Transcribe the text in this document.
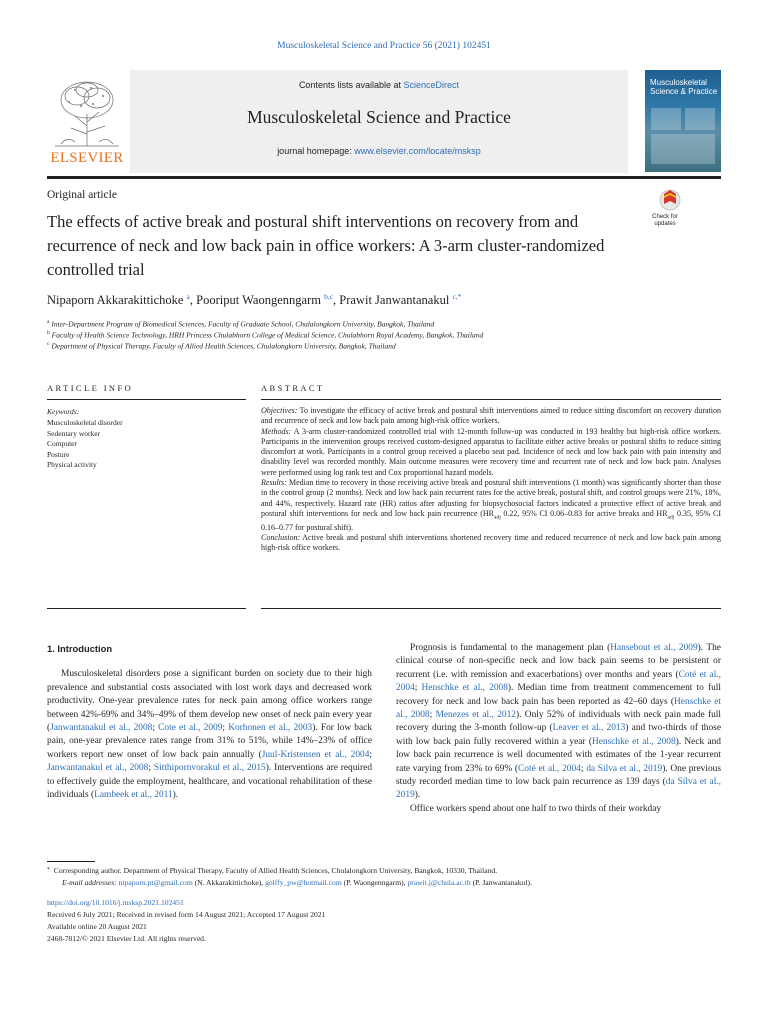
Musculoskeletal Science and Practice 56 (2021) 102451
Contents lists available at ScienceDirect
Musculoskeletal Science and Practice
journal homepage: www.elsevier.com/locate/msksp
ELSEVIER
Musculoskeletal Science & Practice
Check for updates
Original article
The effects of active break and postural shift interventions on recovery from and recurrence of neck and low back pain in office workers: A 3-arm cluster-randomized controlled trial
Nipaporn Akkarakittichoke $^a$, Pooriput Waongenngarm $^{b,c}$, Prawit Janwantanakul $^{c,*}$
$^a$ Inter-Department Program of Biomedical Sciences, Faculty of Graduate School, Chulalongkorn University, Bangkok, Thailand
$^b$ Faculty of Health Science Technology, HRH Princess Chulabhorn College of Medical Science, Chulabhorn Royal Academy, Bangkok, Thailand
$^c$ Department of Physical Therapy, Faculty of Allied Health Sciences, Chulalongkorn University, Bangkok, Thailand
ARTICLE INFO	ABSTRACT
Keywords:
Musculoskeletal disorder
Sedentary worker
Computer
Posture
Physical activity
Objectives: To investigate the efficacy of active break and postural shift interventions aimed to reduce sitting discomfort on recovery duration and recurrence of neck and low back pain among high-risk office workers.
Methods: A 3-arm cluster-randomized controlled trial with 12-month follow-up was conducted in 193 healthy but high-risk office workers. Participants in the intervention groups received custom-designed apparatus to facilitate either active breaks or postural shifts to reduce sitting discomfort at work. Participants in a control group received a placebo seat pad. Incidence of neck and low back pain with pain intensity and disability level was recorded monthly. Main outcome measures were recovery time and recurrent rate of neck and low back pain. Analyses were performed using log rank test and Cox proportional hazard models.
Results: Median time to recovery in those receiving active break and postural shift interventions (1 month) was significantly shorter than those in the control group (2 months). Neck and low back pain recurrent rates for the active break, postural shift, and control groups were 21%, 18%, and 44%, respectively. Hazard rate (HR) ratios after adjusting for biopsychosocial factors indicated a protective effect of active break and postural shift interventions for neck and low back pain recurrence ($HR_{adj}$ 0.22, 95% CI 0.06–0.83 for active breaks and $HR_{adj}$ 0.35, 95% CI 0.16–0.77 for postural shift).
Conclusion: Active break and postural shift interventions shortened recovery time and reduced recurrence of neck and low back pain among high-risk office workers.
1. Introduction

Musculoskeletal disorders pose a significant burden on society due to their high prevalence and substantial costs associated with lost work days and decreased work productivity. One-year prevalence rates for neck pain among office workers range between 42%-69% and 34%–49% of them develop new onset of neck pain every year (Janwantanakul et al., 2008; Cote et al., 2009; Korhonen et al., 2003). For low back pain, one-year prevalence rates range from 31% to 51%, while 14%–23% of office workers report new onset of low back pain annually (Juul-Kristensen et al., 2004; Janwantanakul et al., 2008; Sitthipornvorakul et al., 2015). Interventions are required to effectively guide the employment, healthcare, and vocational rehabilitation of these individuals (Lambeek et al., 2011).

Prognosis is fundamental to the management plan (Hansebout et al., 2009). The clinical course of non-specific neck and low back pain seems to be persistent or recurrent (i.e. with remission and exacerbations) over months and years (Coté et al., 2004; Henschke et al., 2008). Median time from treatment commencement to full recovery for neck and low back pain has been reported as 42–60 days (Henschke et al., 2008; Menezes et al., 2012). Only 52% of individuals with neck pain made full recovery during the 3-month follow-up (Leaver et al., 2013) and two-thirds of those with low back pain fully recovered within a year (Henschke et al., 2008). Neck and low back pain recurrence is well documented with estimates of the 1-year recurrent rate varying from 23% to 69% (Coté et al., 2004; da Silva et al., 2019). One previous study recorded median time to low back pain recurrence as 139 days (da Silva et al., 2019).

Office workers spend about one half to two thirds of their workday

* Corresponding author. Department of Physical Therapy, Faculty of Allied Health Sciences, Chulalongkorn University, Bangkok, 10330, Thailand.
E-mail addresses: nipaporn.pt@gmail.com (N. Akkarakittichoke), golffy_pw@hotmail.com (P. Waongenngarm), prawit.j@chula.ac.th (P. Janwantanakul).
https://doi.org/10.1016/j.msksp.2021.102451
Received 6 July 2021; Received in revised form 14 August 2021; Accepted 17 August 2021
Available online 20 August 2021
2468-7812/© 2021 Elsevier Ltd. All rights reserved.
